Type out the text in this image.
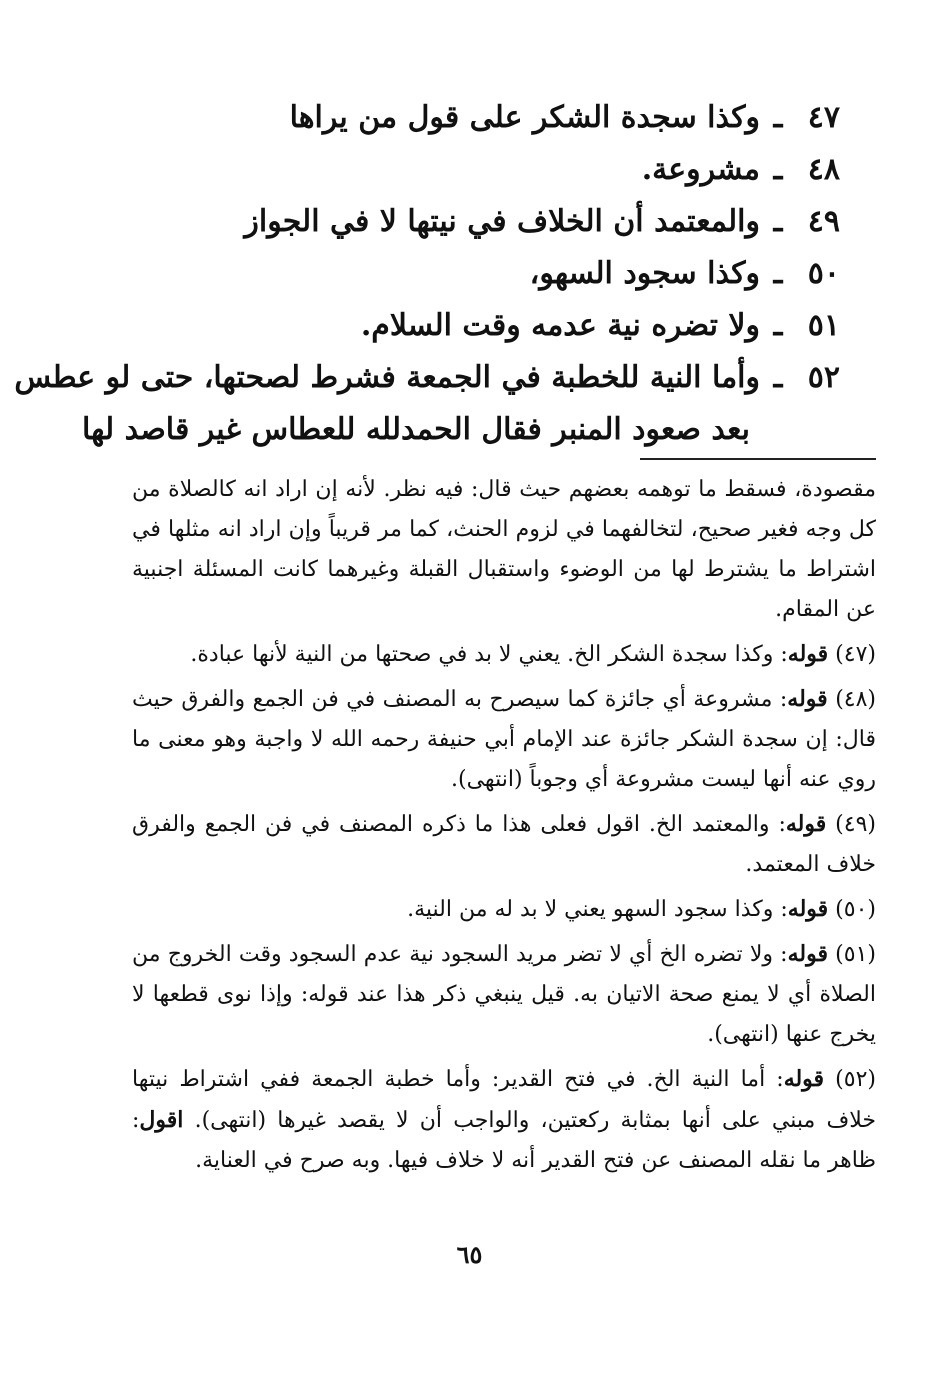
٤٧
ـ
وكذا سجدة الشكر على قول من يراها
٤٨
ـ
مشروعة.
٤٩
ـ
والمعتمد أن الخلاف في نيتها لا في الجواز
٥٠
ـ
وكذا سجود السهو،
٥١
ـ
ولا تضره نية عدمه وقت السلام.
٥٢
ـ
وأما النية للخطبة في الجمعة فشرط لصحتها، حتى لو عطس
بعد صعود المنبر فقال الحمدلله للعطاس غير قاصد لها

مقصودة، فسقط ما توهمه بعضهم حيث قال: فيه نظر. لأنه إن اراد انه كالصلاة من كل وجه فغير صحيح، لتخالفهما في لزوم الحنث، كما مر قريباً وإن اراد انه مثلها في اشتراط ما يشترط لها من الوضوء واستقبال القبلة وغيرهما كانت المسئلة اجنبية عن المقام.

(٤٧) قوله: وكذا سجدة الشكر الخ. يعني لا بد في صحتها من النية لأنها عبادة.

(٤٨) قوله: مشروعة أي جائزة كما سيصرح به المصنف في فن الجمع والفرق حيث قال: إن سجدة الشكر جائزة عند الإمام أبي حنيفة رحمه الله لا واجبة وهو معنى ما روي عنه أنها ليست مشروعة أي وجوباً (انتهى).

(٤٩) قوله: والمعتمد الخ. اقول فعلى هذا ما ذكره المصنف في فن الجمع والفرق خلاف المعتمد.

(٥٠) قوله: وكذا سجود السهو يعني لا بد له من النية.

(٥١) قوله: ولا تضره الخ أي لا تضر مريد السجود نية عدم السجود وقت الخروج من الصلاة أي لا يمنع صحة الاتيان به. قيل ينبغي ذكر هذا عند قوله: وإذا نوى قطعها لا يخرج عنها (انتهى).

(٥٢) قوله: أما النية الخ. في فتح القدير: وأما خطبة الجمعة ففي اشتراط نيتها خلاف مبني على أنها بمثابة ركعتين، والواجب أن لا يقصد غيرها (انتهى). اقول: ظاهر ما نقله المصنف عن فتح القدير أنه لا خلاف فيها. وبه صرح في العناية.

٦٥
